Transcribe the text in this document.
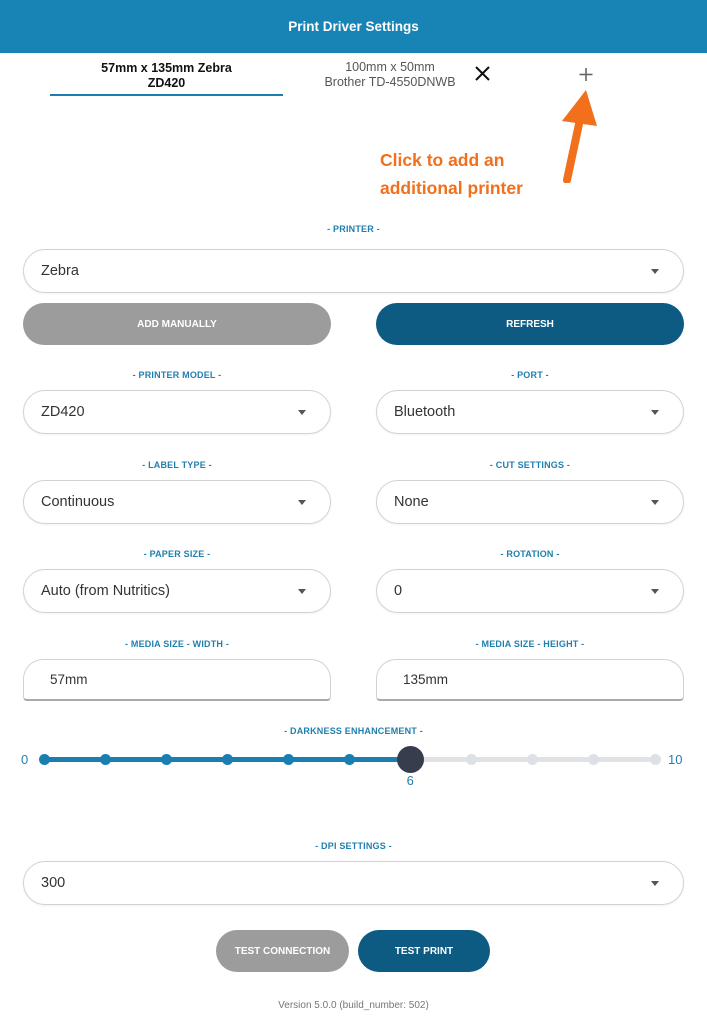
Print Driver Settings
57mm x 135mm Zebra
ZD420
100mm x 50mm
Brother TD-4550DNWB
Click to add an
additional printer
- PRINTER -
Zebra
ADD MANUALLY	REFRESH
- PRINTER MODEL -
ZD420
- PORT -
Bluetooth
- LABEL TYPE -
Continuous
- CUT SETTINGS -
None
- PAPER SIZE -
Auto (from Nutritics)
- ROTATION -
0
- MEDIA SIZE - WIDTH -
57mm
- MEDIA SIZE - HEIGHT -
135mm
- DARKNESS ENHANCEMENT -
0	10
6
- DPI SETTINGS -
300
TEST CONNECTION	TEST PRINT
Version 5.0.0 (build_number: 502)
